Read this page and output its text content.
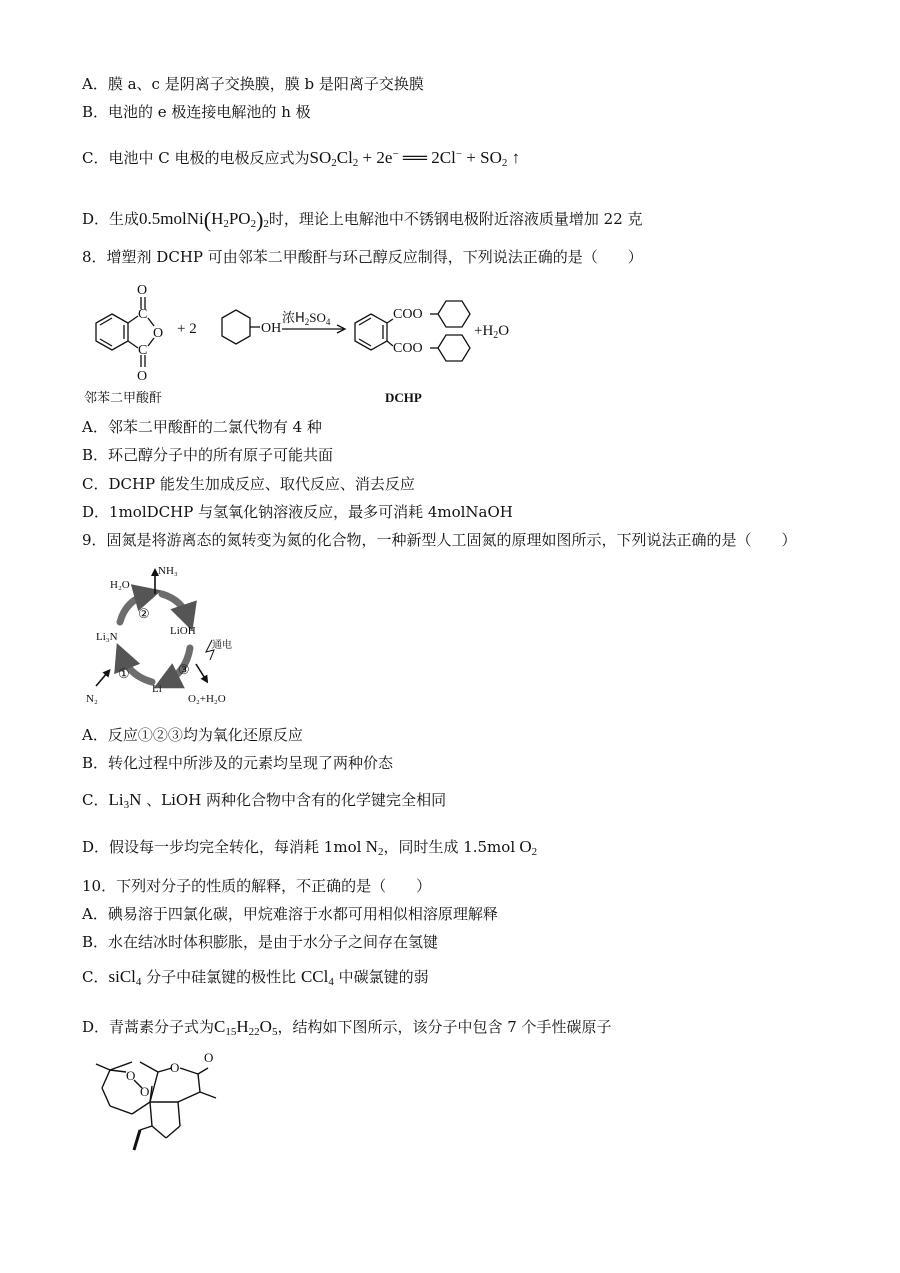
A．膜 a、c 是阴离子交换膜，膜 b 是阳离子交换膜
B．电池的 e 极连接电解池的 h 极
C．电池中 C 电极的电极反应式为$SO_2Cl_2 + 2e^-$ ══ $2Cl^- + SO_2$ ↑
D．生成$0.5molNi(H_2PO_2)_2$时，理论上电解池中不锈钢电极附近溶液质量增加 22 克
8．增塑剂 DCHP 可由邻苯二甲酸酐与环己醇反应制得，下列说法正确的是（　　）
O
C
O
C
O
+ 2	OH
浓$H_2SO_4$	COO
COO
$+H_2O$
邻苯二甲酸酐	DCHP
A．邻苯二甲酸酐的二氯代物有 4 种
B．环己醇分子中的所有原子可能共面
C．DCHP 能发生加成反应、取代反应、消去反应
D．1molDCHP 与氢氧化钠溶液反应，最多可消耗 4molNaOH
9．固氮是将游离态的氮转变为氮的化合物，一种新型人工固氮的原理如图所示，下列说法正确的是（　　）
H₂O
NH₃
Li₃N	LiOH
通电
N₂
Li
O₂+H₂O
②
①	③
A．反应①②③均为氧化还原反应
B．转化过程中所涉及的元素均呈现了两种价态
C．$Li_3N$ 、LiOH 两种化合物中含有的化学键完全相同
D．假设每一步均完全转化，每消耗 1mol $N_2$，同时生成 1.5mol $O_2$
10．下列对分子的性质的解释，不正确的是（　　）
A．碘易溶于四氯化碳，甲烷难溶于水都可用相似相溶原理解释
B．水在结冰时体积膨胀，是由于水分子之间存在氢键
C．siCl$_4$ 分子中硅氯键的极性比 CCl$_4$ 中碳氯键的弱
D．青蒿素分子式为$C_{15}H_{22}O_5$，结构如下图所示，该分子中包含 7 个手性碳原子
O
O
O
O
